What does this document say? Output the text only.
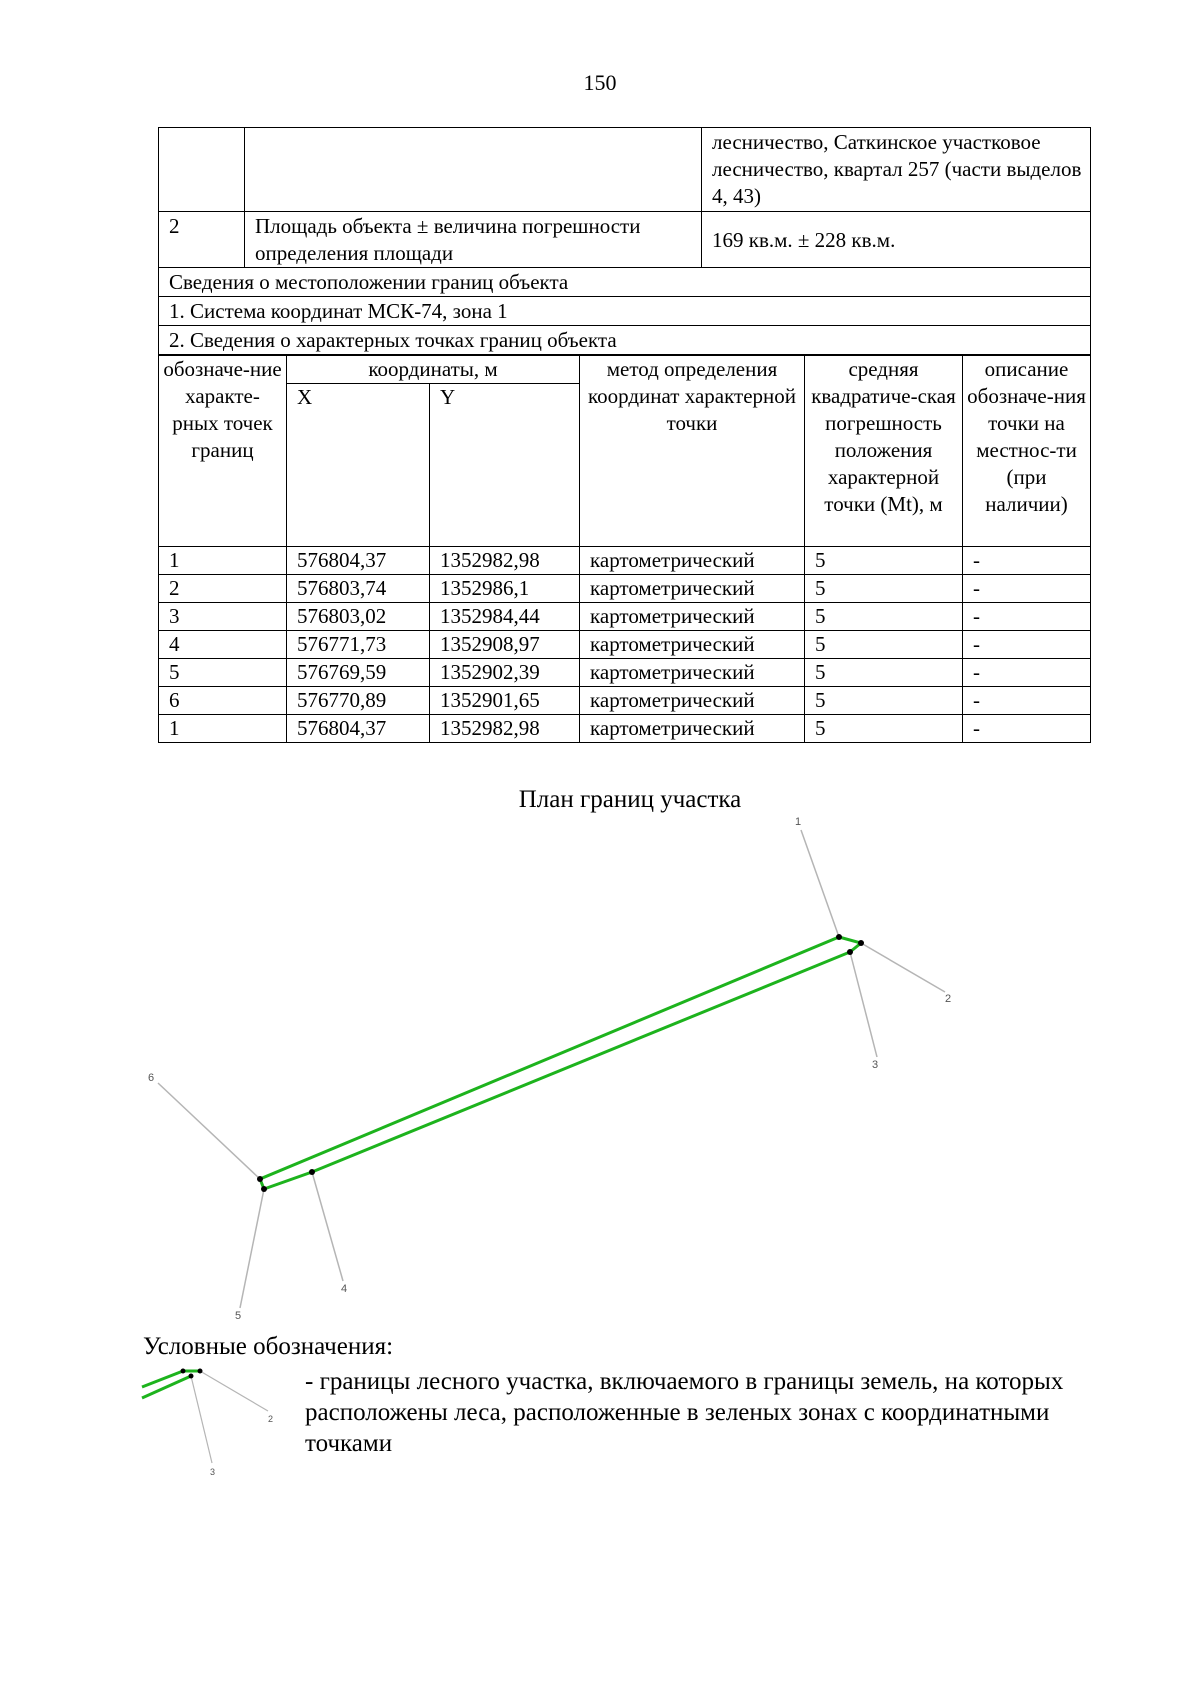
150
		лесничество, Саткинское участковое лесничество, квартал 257 (части выделов 4, 43)
2	Площадь объекта ± величина погрешности определения площади	169 кв.м. ± 228 кв.м.
Сведения о местоположении границ объекта		
1. Система координат МСК-74, зона 1		
2. Сведения о характерных точках границ объекта		
обозначе-ние характе-рных точек границ	координаты, м		метод определения координат характерной точки	средняя квадратиче-ская погрешность положения характерной точки (Mt), м	описание обозначе-ния точки на местнос-ти (при наличии)
	X	Y			
1	576804,37	1352982,98	картометрический	5	-
2	576803,74	1352986,1	картометрический	5	-
3	576803,02	1352984,44	картометрический	5	-
4	576771,73	1352908,97	картометрический	5	-
5	576769,59	1352902,39	картометрический	5	-
6	576770,89	1352901,65	картометрический	5	-
1	576804,37	1352982,98	картометрический	5	-
План границ участка
1
2
3
4
5
6
2
3
Условные обозначения:
- границы лесного участка, включаемого в границы земель, на которых расположены леса, расположенные в зеленых зонах с координатными точками
